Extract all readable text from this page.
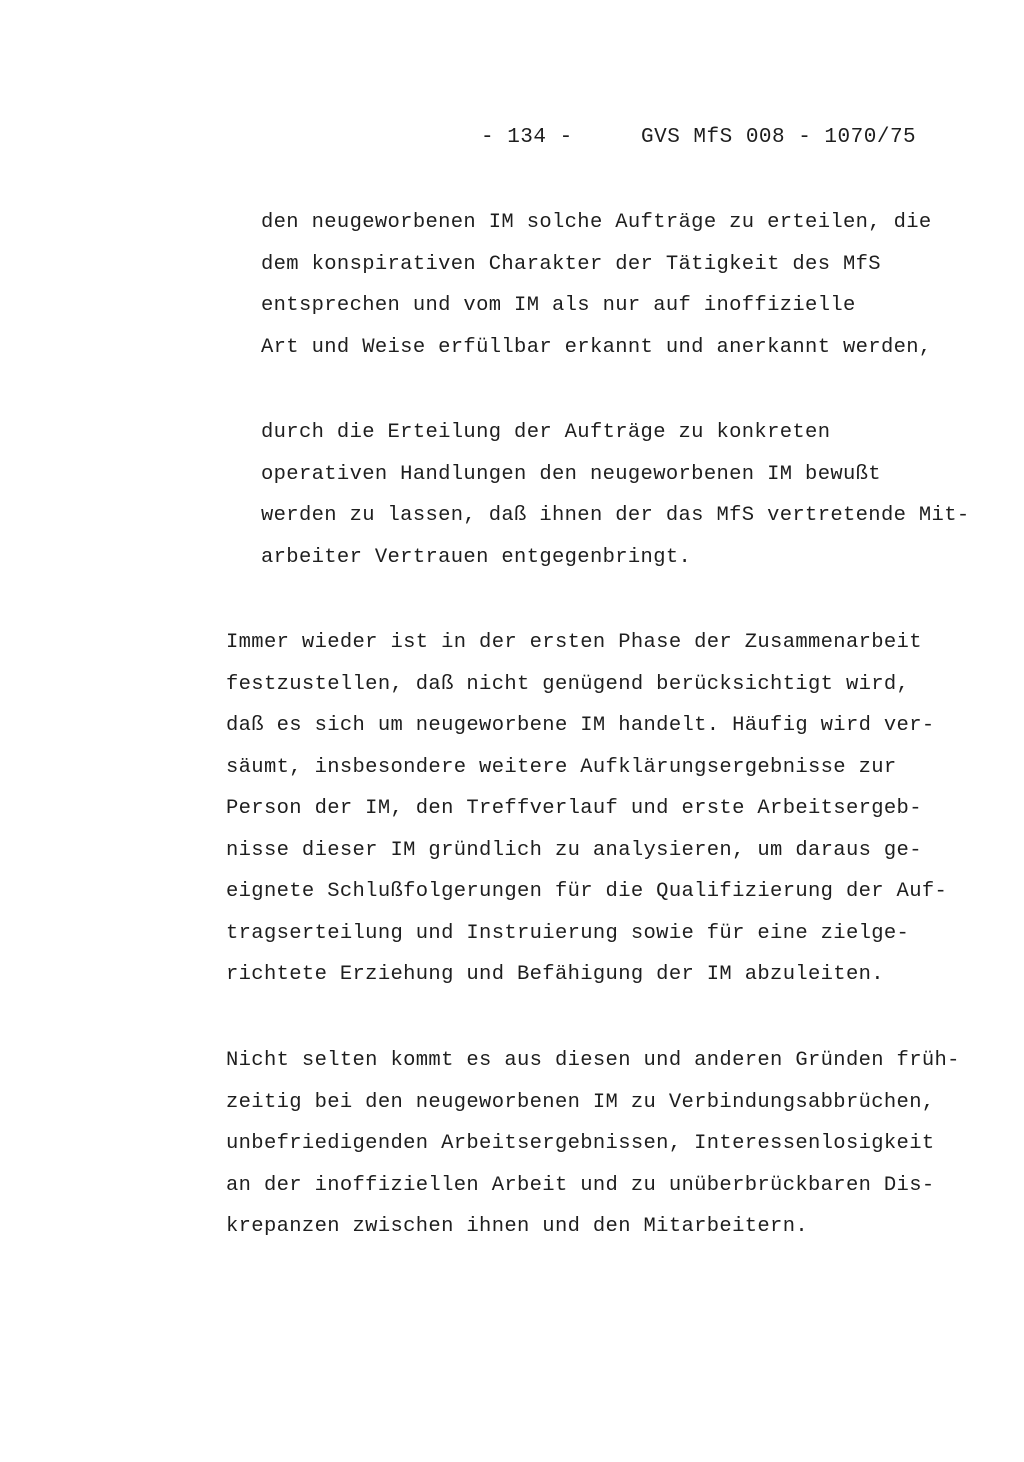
- 134 -	GVS MfS 008 - 1070/75
den neugeworbenen IM solche Aufträge zu erteilen, die
dem konspirativen Charakter der Tätigkeit des MfS
entsprechen und vom IM als nur auf inoffizielle
Art und Weise erfüllbar erkannt und anerkannt werden,
durch die Erteilung der Aufträge zu konkreten
operativen Handlungen den neugeworbenen IM bewußt
werden zu lassen, daß ihnen der das MfS vertretende Mit-
arbeiter Vertrauen entgegenbringt.
Immer wieder ist in der ersten Phase der Zusammenarbeit
festzustellen, daß nicht genügend berücksichtigt wird,
daß es sich um neugeworbene IM handelt. Häufig wird ver-
säumt, insbesondere weitere Aufklärungsergebnisse zur
Person der IM, den Treffverlauf und erste Arbeitsergeb-
nisse dieser IM gründlich zu analysieren, um daraus ge-
eignete Schlußfolgerungen für die Qualifizierung der Auf-
tragserteilung und Instruierung sowie für eine zielge-
richtete Erziehung und Befähigung der IM abzuleiten.
Nicht selten kommt es aus diesen und anderen Gründen früh-
zeitig bei den neugeworbenen IM zu Verbindungsabbrüchen,
unbefriedigenden Arbeitsergebnissen, Interessenlosigkeit
an der inoffiziellen Arbeit und zu unüberbrückbaren Dis-
krepanzen zwischen ihnen und den Mitarbeitern.
